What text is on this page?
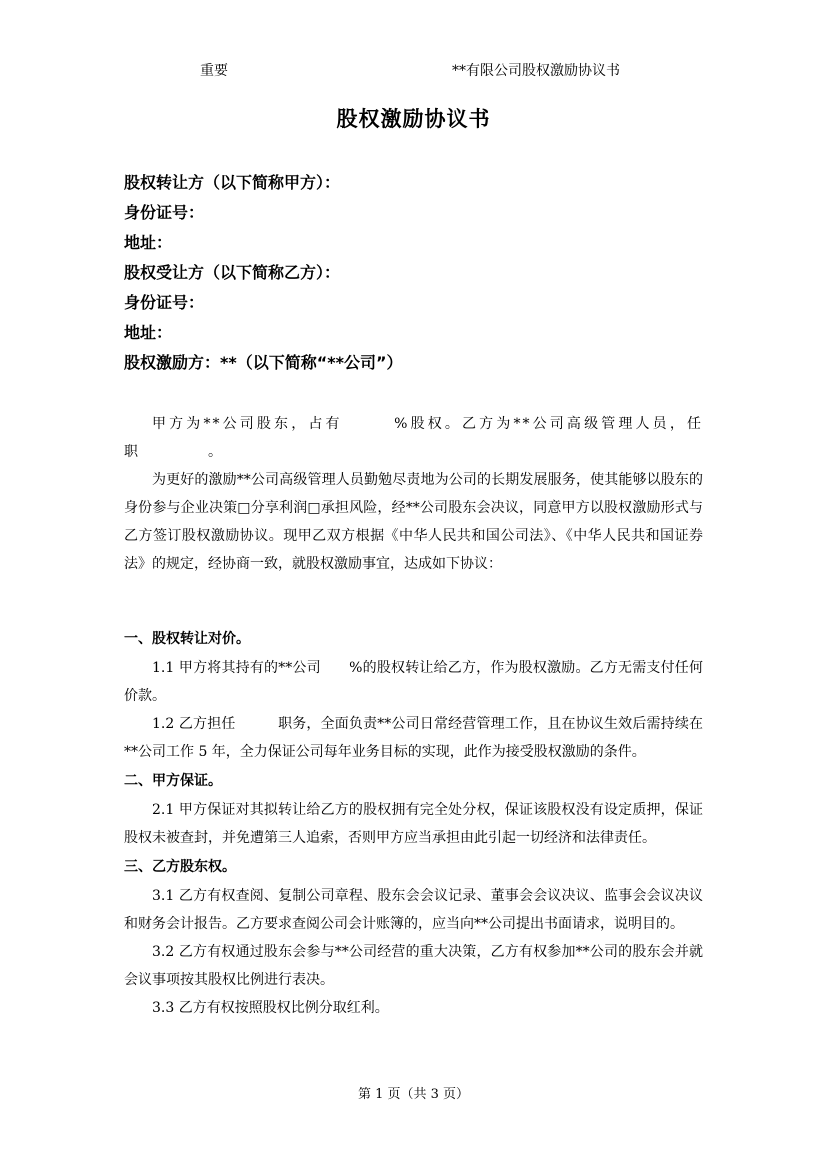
重要	**有限公司股权激励协议书
股权激励协议书
股权转让方（以下简称甲方）：
身份证号：
地址：
股权受让方（以下简称乙方）：
身份证号：
地址：
股权激励方：**（以下简称“**公司”）

甲方为**公司股东，占有　　　%股权。乙方为**公司高级管理人员，任

职　　　　　。

为更好的激励**公司高级管理人员勤勉尽责地为公司的长期发展服务，使其能够以股东的身份参与企业决策□分享利润□承担风险，经**公司股东会决议，同意甲方以股权激励形式与乙方签订股权激励协议。现甲乙双方根据《中华人民共和国公司法》、《中华人民共和国证券法》的规定，经协商一致，就股权激励事宜，达成如下协议：

一、股权转让对价。

1.1 甲方将其持有的**公司　　%的股权转让给乙方，作为股权激励。乙方无需支付任何价款。

1.2 乙方担任　　　职务，全面负责**公司日常经营管理工作，且在协议生效后需持续在**公司工作 5 年，全力保证公司每年业务目标的实现，此作为接受股权激励的条件。

二、甲方保证。

2.1 甲方保证对其拟转让给乙方的股权拥有完全处分权，保证该股权没有设定质押，保证股权未被查封，并免遭第三人追索，否则甲方应当承担由此引起一切经济和法律责任。

三、乙方股东权。

3.1 乙方有权查阅、复制公司章程、股东会会议记录、董事会会议决议、监事会会议决议和财务会计报告。乙方要求查阅公司会计账簿的，应当向**公司提出书面请求，说明目的。

3.2 乙方有权通过股东会参与**公司经营的重大决策，乙方有权参加**公司的股东会并就会议事项按其股权比例进行表决。

3.3 乙方有权按照股权比例分取红利。

第 1 页（共 3 页）
